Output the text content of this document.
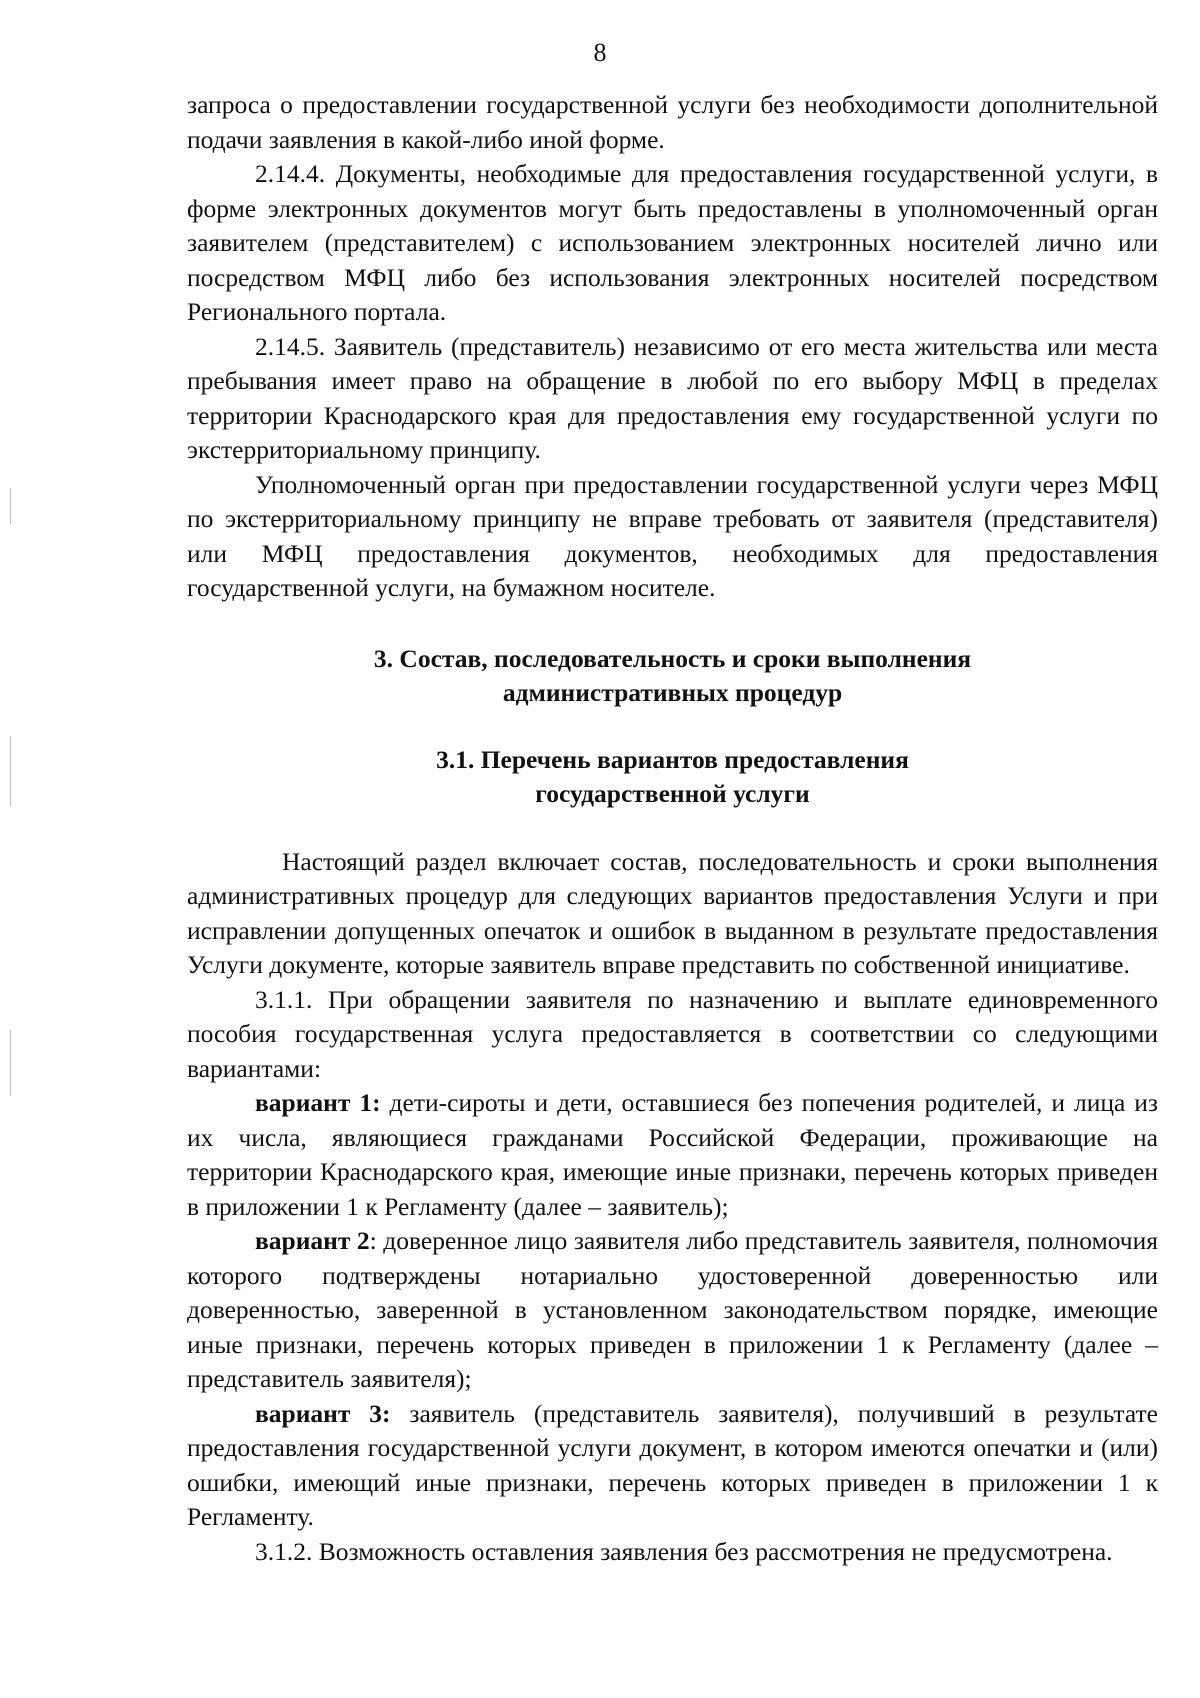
8

запроса о предоставлении государственной услуги без необходимости дополнительной подачи заявления в какой-либо иной форме.

2.14.4. Документы, необходимые для предоставления государственной услуги, в форме электронных документов могут быть предоставлены в уполномоченный орган заявителем (представителем) с использованием электронных носителей лично или посредством МФЦ либо без использования электронных носителей посредством Регионального портала.

2.14.5. Заявитель (представитель) независимо от его места жительства или места пребывания имеет право на обращение в любой по его выбору МФЦ в пределах территории Краснодарского края для предоставления ему государственной услуги по экстерриториальному принципу.

Уполномоченный орган при предоставлении государственной услуги через МФЦ по экстерриториальному принципу не вправе требовать от заявителя (представителя) или МФЦ предоставления документов, необходимых для предоставления государственной услуги, на бумажном носителе.

3. Состав, последовательность и сроки выполнения
административных процедур
3.1. Перечень вариантов предоставления
государственной услуги

Настоящий раздел включает состав, последовательность и сроки выполнения административных процедур для следующих вариантов предоставления Услуги и при исправлении допущенных опечаток и ошибок в выданном в результате предоставления Услуги документе, которые заявитель вправе представить по собственной инициативе.

3.1.1. При обращении заявителя по назначению и выплате единовременного пособия государственная услуга предоставляется в соответствии со следующими вариантами:

вариант 1: дети-сироты и дети, оставшиеся без попечения родителей, и лица из их числа, являющиеся гражданами Российской Федерации, проживающие на территории Краснодарского края, имеющие иные признаки, перечень которых приведен в приложении 1 к Регламенту (далее – заявитель);

вариант 2: доверенное лицо заявителя либо представитель заявителя, полномочия которого подтверждены нотариально удостоверенной доверенностью или доверенностью, заверенной в установленном законодательством порядке, имеющие иные признаки, перечень которых приведен в приложении 1 к Регламенту (далее – представитель заявителя);

вариант 3: заявитель (представитель заявителя), получивший в результате предоставления государственной услуги документ, в котором имеются опечатки и (или) ошибки, имеющий иные признаки, перечень которых приведен в приложении 1 к Регламенту.

3.1.2. Возможность оставления заявления без рассмотрения не предусмотрена.
